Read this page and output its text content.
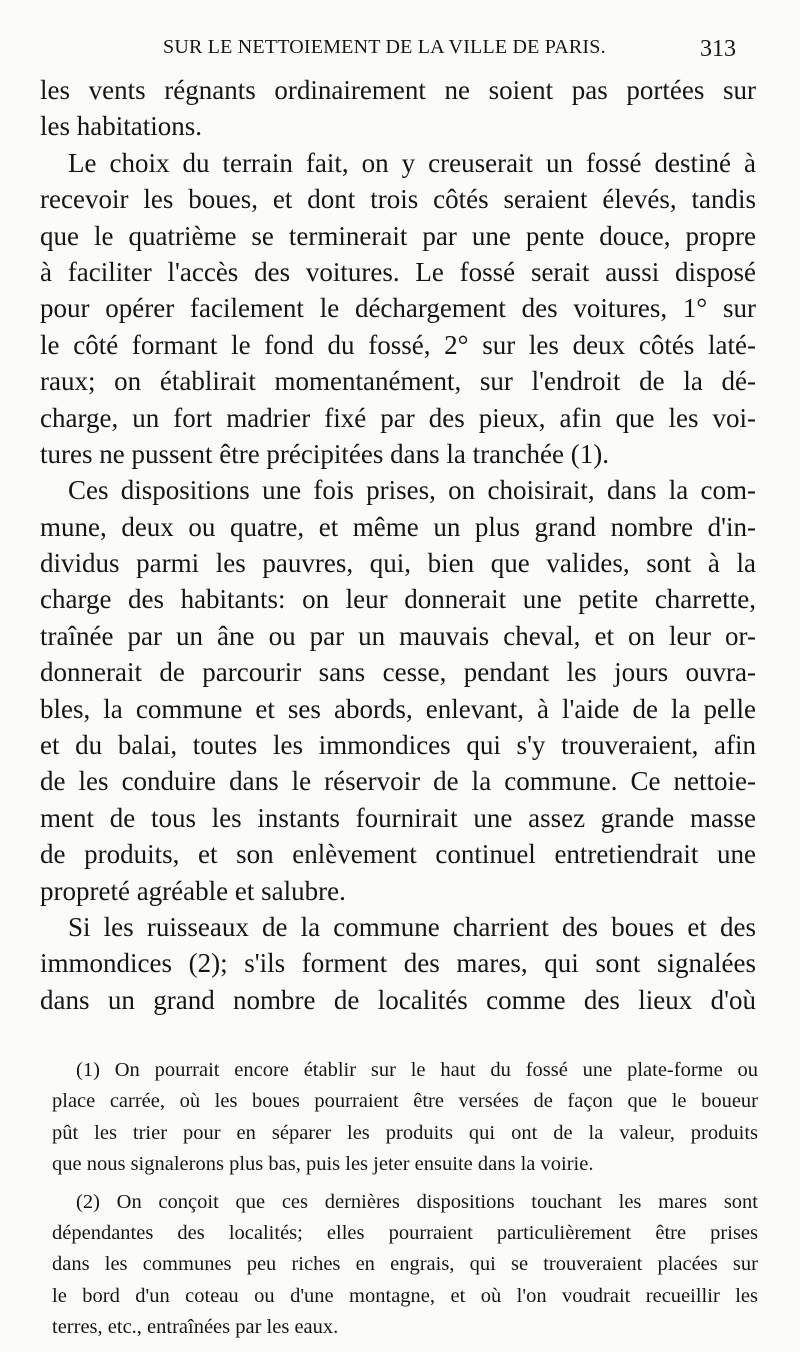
SUR LE NETTOIEMENT DE LA VILLE DE PARIS.	313
les vents régnants ordinairement ne soient pas portées sur
les habitations.
Le choix du terrain fait, on y creuserait un fossé destiné à
recevoir les boues, et dont trois côtés seraient élevés, tandis
que le quatrième se terminerait par une pente douce, propre
à faciliter l'accès des voitures. Le fossé serait aussi disposé
pour opérer facilement le déchargement des voitures, 1° sur
le côté formant le fond du fossé, 2° sur les deux côtés laté-
raux; on établirait momentanément, sur l'endroit de la dé-
charge, un fort madrier fixé par des pieux, afin que les voi-
tures ne pussent être précipitées dans la tranchée (1).
Ces dispositions une fois prises, on choisirait, dans la com-
mune, deux ou quatre, et même un plus grand nombre d'in-
dividus parmi les pauvres, qui, bien que valides, sont à la
charge des habitants: on leur donnerait une petite charrette,
traînée par un âne ou par un mauvais cheval, et on leur or-
donnerait de parcourir sans cesse, pendant les jours ouvra-
bles, la commune et ses abords, enlevant, à l'aide de la pelle
et du balai, toutes les immondices qui s'y trouveraient, afin
de les conduire dans le réservoir de la commune. Ce nettoie-
ment de tous les instants fournirait une assez grande masse
de produits, et son enlèvement continuel entretiendrait une
propreté agréable et salubre.
Si les ruisseaux de la commune charrient des boues et des
immondices (2); s'ils forment des mares, qui sont signalées
dans un grand nombre de localités comme des lieux d'où
(1) On pourrait encore établir sur le haut du fossé une plate-forme ou
place carrée, où les boues pourraient être versées de façon que le boueur
pût les trier pour en séparer les produits qui ont de la valeur, produits
que nous signalerons plus bas, puis les jeter ensuite dans la voirie.
(2) On conçoit que ces dernières dispositions touchant les mares sont
dépendantes des localités; elles pourraient particulièrement être prises
dans les communes peu riches en engrais, qui se trouveraient placées sur
le bord d'un coteau ou d'une montagne, et où l'on voudrait recueillir les
terres, etc., entraînées par les eaux.
